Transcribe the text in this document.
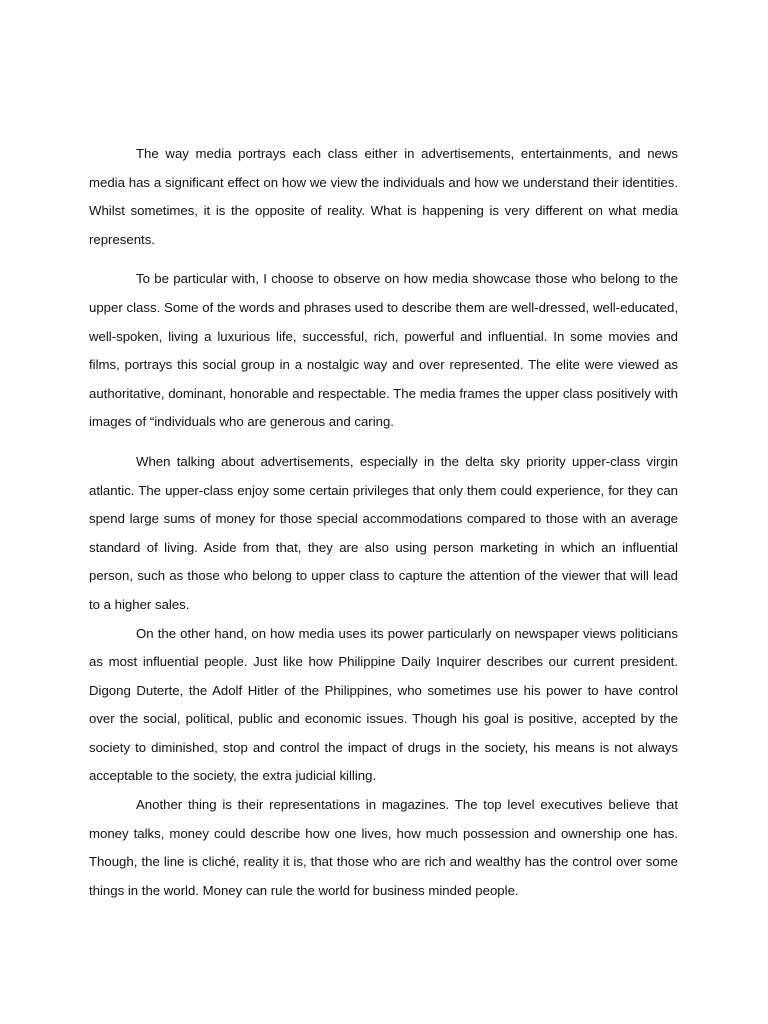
The way media portrays each class either in advertisements, entertainments, and news media has a significant effect on how we view the individuals and how we understand their identities. Whilst sometimes, it is the opposite of reality. What is happening is very different on what media represents.

To be particular with, I choose to observe on how media showcase those who belong to the upper class. Some of the words and phrases used to describe them are well-dressed, well-educated, well-spoken, living a luxurious life, successful, rich, powerful and influential. In some movies and films, portrays this social group in a nostalgic way and over represented. The elite were viewed as authoritative, dominant, honorable and respectable. The media frames the upper class positively with images of “individuals who are generous and caring.

When talking about advertisements, especially in the delta sky priority upper-class virgin atlantic. The upper-class enjoy some certain privileges that only them could experience, for they can spend large sums of money for those special accommodations compared to those with an average standard of living. Aside from that, they are also using person marketing in which an influential person, such as those who belong to upper class to capture the attention of the viewer that will lead to a higher sales.

On the other hand, on how media uses its power particularly on newspaper views politicians as most influential people. Just like how Philippine Daily Inquirer describes our current president. Digong Duterte, the Adolf Hitler of the Philippines, who sometimes use his power to have control over the social, political, public and economic issues. Though his goal is positive, accepted by the society to diminished, stop and control the impact of drugs in the society, his means is not always acceptable to the society, the extra judicial killing.

Another thing is their representations in magazines. The top level executives believe that money talks, money could describe how one lives, how much possession and ownership one has. Though, the line is cliché, reality it is, that those who are rich and wealthy has the control over some things in the world. Money can rule the world for business minded people.
